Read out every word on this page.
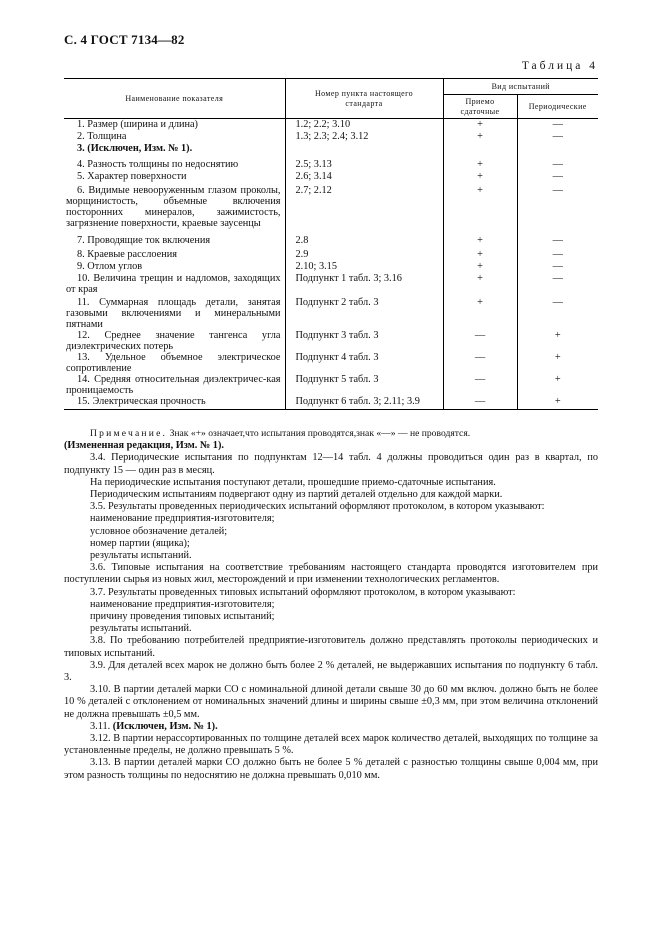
С. 4 ГОСТ 7134—82
Таблица 4
Наименование показателя	Номер пункта настоящего стандарта	Вид испытаний	
		Приемо сдаточные	Периодические
1. Размер (ширина и длина)	1.2; 2.2; 3.10	+	—
2. Толщина	1.3; 2.3; 2.4; 3.12	+	—
3. (Исключен, Изм. № 1).			
4. Разность толщины по недоснятию	2.5; 3.13	+	—
5. Характер поверхности	2.6; 3.14	+	—
6. Видимые невооруженным глазом проколы, морщинистость, объемные включения посторонних минералов, зажимистость, загрязнение поверхности, краевые заусенцы	2.7; 2.12	+	—
7. Проводящие ток включения	2.8	+	—
8. Краевые расслоения	2.9	+	—
9. Отлом углов	2.10; 3.15	+	—
10. Величина трещин и надломов, заходящих от края	Подпункт 1 табл. 3; 3.16	+	—
11. Суммарная площадь детали, занятая газовыми включениями и минеральными пятнами	Подпункт 2 табл. 3	+	—
12. Среднее значение тангенса угла диэлектрических потерь	Подпункт 3 табл. 3	—	+
13. Удельное объемное электрическое сопротивление	Подпункт 4 табл. 3	—	+
14. Средняя относительная диэлектричес-кая проницаемость	Подпункт 5 табл. 3	—	+
15. Электрическая прочность	Подпункт 6 табл. 3; 2.11; 3.9	—	+

Примечание. Знак «+» означает,что испытания проводятся,знак «—» — не проводятся.

(Измененная редакция, Изм. № 1).

3.4. Периодические испытания по подпунктам 12—14 табл. 4 должны проводиться один раз в квартал, по подпункту 15 — один раз в месяц.

На периодические испытания поступают детали, прошедшие приемо-сдаточные испытания.

Периодическим испытаниям подвергают одну из партий деталей отдельно для каждой марки.

3.5. Результаты проведенных периодических испытаний оформляют протоколом, в котором указывают:

наименование предприятия-изготовителя;

условное обозначение деталей;

номер партии (ящика);

результаты испытаний.

3.6. Типовые испытания на соответствие требованиям настоящего стандарта проводятся изготовителем при поступлении сырья из новых жил, месторождений и при изменении технологических регламентов.

3.7. Результаты проведенных типовых испытаний оформляют протоколом, в котором указывают:

наименование предприятия-изготовителя;

причину проведения типовых испытаний;

результаты испытаний.

3.8. По требованию потребителей предприятие-изготовитель должно представлять протоколы периодических и типовых испытаний.

3.9. Для деталей всех марок не должно быть более 2 % деталей, не выдержавших испытания по подпункту 6 табл. 3.

3.10. В партии деталей марки СО с номинальной длиной детали свыше 30 до 60 мм включ. должно быть не более 10 % деталей с отклонением от номинальных значений длины и ширины свыше ±0,3 мм, при этом величина отклонений не должна превышать ±0,5 мм.

3.11. (Исключен, Изм. № 1).

3.12. В партии нерассортированных по толщине деталей всех марок количество деталей, выходящих по толщине за установленные пределы, не должно превышать 5 %.

3.13. В партии деталей марки СО должно быть не более 5 % деталей с разностью толщины свыше 0,004 мм, при этом разность толщины по недоснятию не должна превышать 0,010 мм.
